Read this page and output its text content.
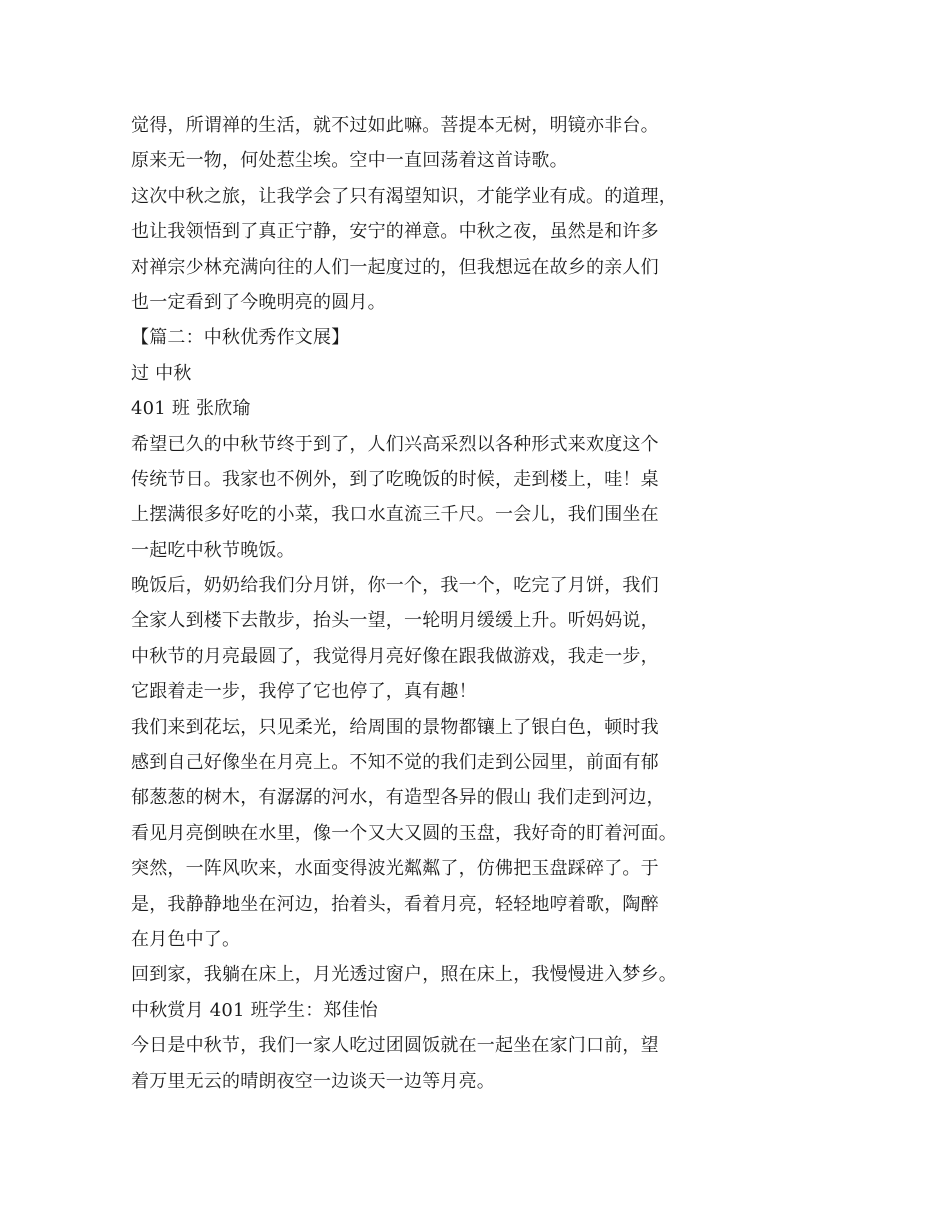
觉得，所谓禅的生活，就不过如此嘛。菩提本无树，明镜亦非台。
原来无一物，何处惹尘埃。空中一直回荡着这首诗歌。
这次中秋之旅，让我学会了只有渴望知识，才能学业有成。的道理，
也让我领悟到了真正宁静，安宁的禅意。中秋之夜，虽然是和许多
对禅宗少林充满向往的人们一起度过的，但我想远在故乡的亲人们
也一定看到了今晚明亮的圆月。
【篇二：中秋优秀作文展】
过 中秋
401 班 张欣瑜
希望已久的中秋节终于到了，人们兴高采烈以各种形式来欢度这个
传统节日。我家也不例外，到了吃晚饭的时候，走到楼上，哇！桌
上摆满很多好吃的小菜，我口水直流三千尺。一会儿，我们围坐在
一起吃中秋节晚饭。
晚饭后，奶奶给我们分月饼，你一个，我一个，吃完了月饼，我们
全家人到楼下去散步，抬头一望，一轮明月缓缓上升。听妈妈说，
中秋节的月亮最圆了，我觉得月亮好像在跟我做游戏，我走一步，
它跟着走一步，我停了它也停了，真有趣！
我们来到花坛，只见柔光，给周围的景物都镶上了银白色，顿时我
感到自己好像坐在月亮上。不知不觉的我们走到公园里，前面有郁
郁葱葱的树木，有潺潺的河水，有造型各异的假山 我们走到河边，
看见月亮倒映在水里，像一个又大又圆的玉盘，我好奇的盯着河面。
突然，一阵风吹来，水面变得波光粼粼了，仿佛把玉盘踩碎了。于
是，我静静地坐在河边，抬着头，看着月亮，轻轻地哼着歌，陶醉
在月色中了。
回到家，我躺在床上，月光透过窗户，照在床上，我慢慢进入梦乡。
中秋赏月 401 班学生：郑佳怡
今日是中秋节，我们一家人吃过团圆饭就在一起坐在家门口前，望
着万里无云的晴朗夜空一边谈天一边等月亮。
